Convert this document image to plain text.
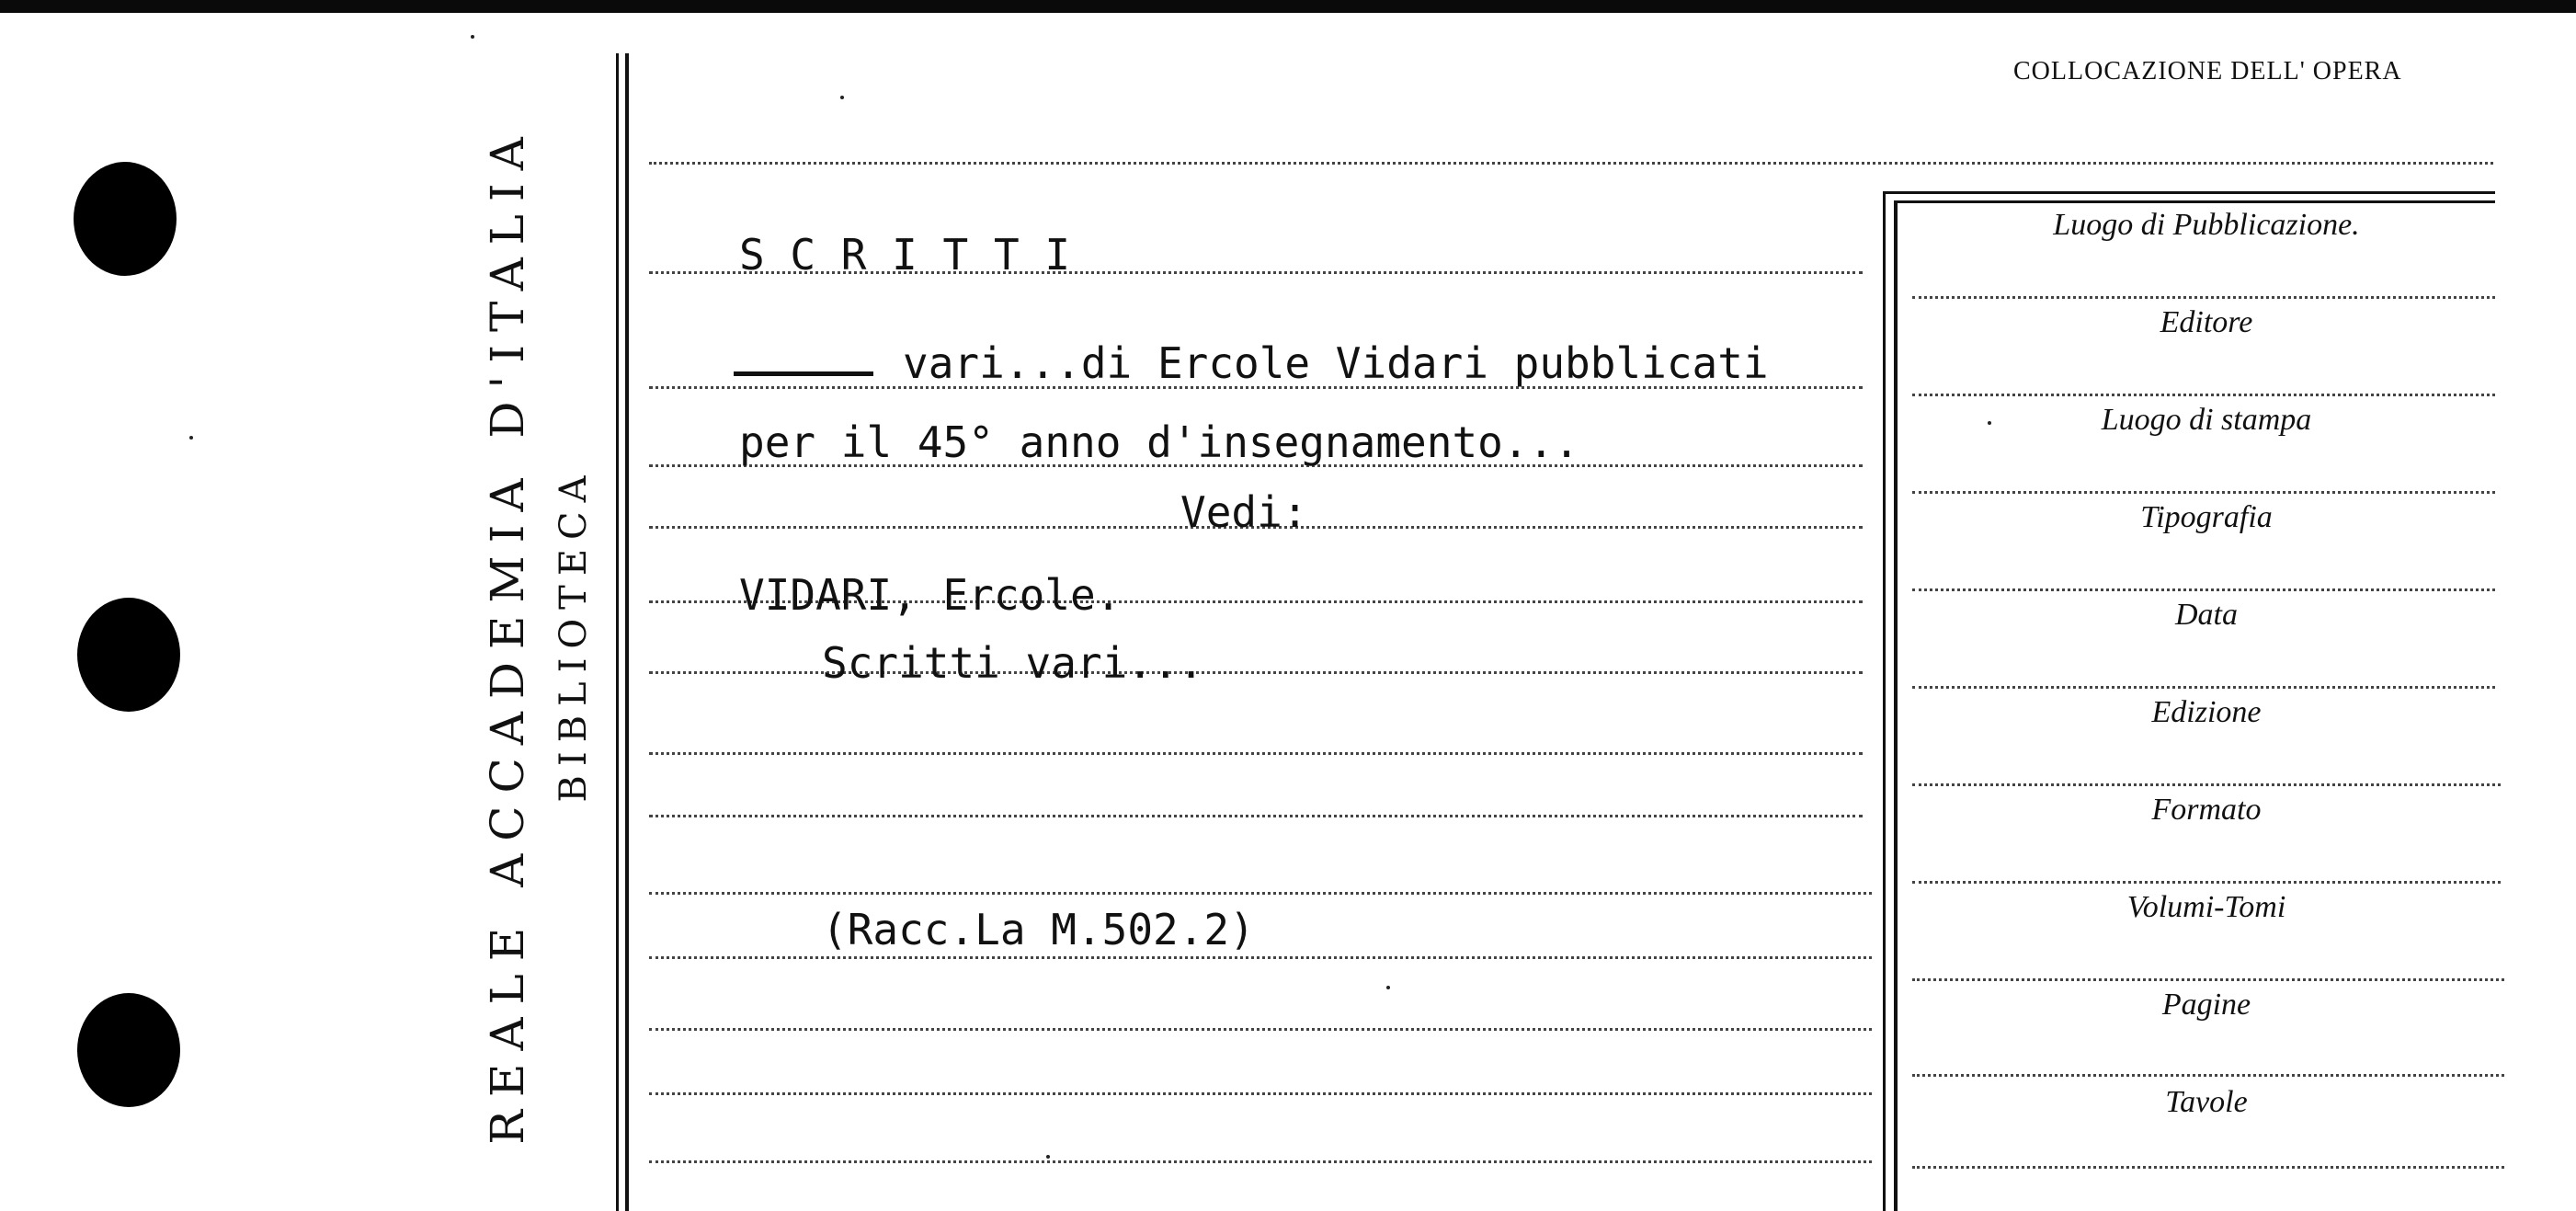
REALE ACCADEMIA D'ITALIA BIBLIOTECA
COLLOCAZIONE DELL' OPERA
S C R I T T I
vari...di Ercole Vidari pubblicati
per il 45° anno d'insegnamento...
Vedi:
VIDARI, Ercole.
Scritti vari...
(Racc.La M.502.2)
Luogo di Pubblicazione.
Editore
Luogo di stampa
Tipografia
Data
Edizione
Formato
Volumi-Tomi
Pagine
Tavole
